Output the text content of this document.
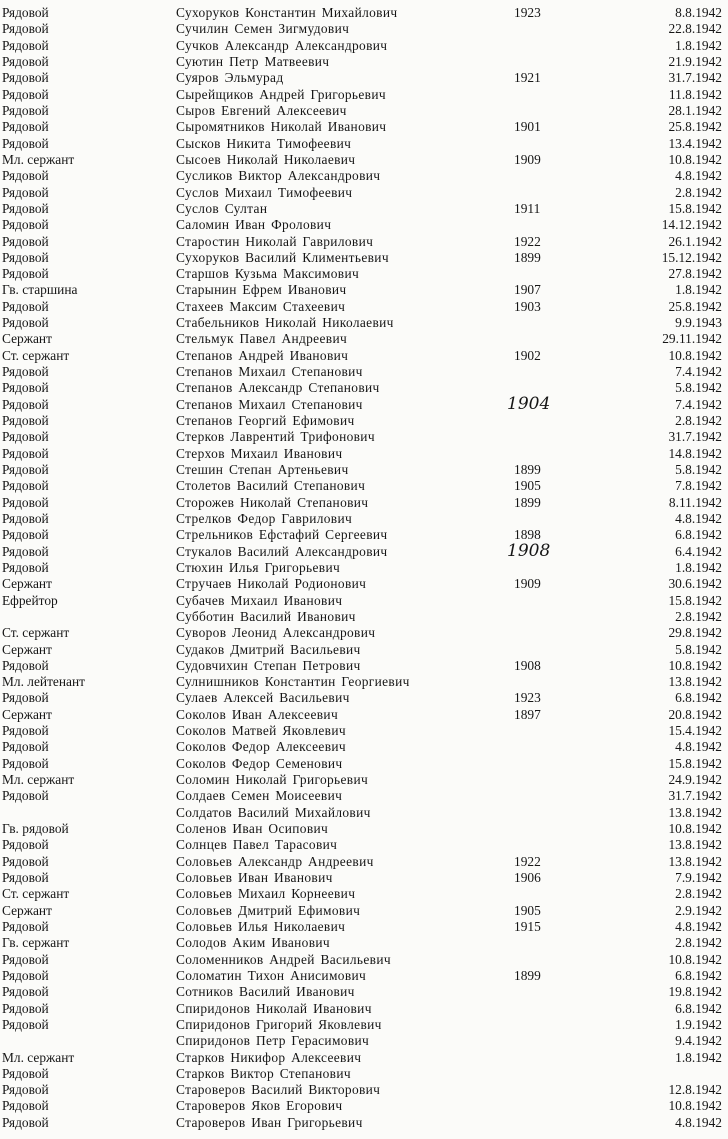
Рядовой	Сухоруков Константин Михайлович	1923	8.8.1942
Рядовой	Сучилин Семен Зигмудович	22.8.1942
Рядовой	Сучков Александр Александрович	1.8.1942
Рядовой	Суютин Петр Матвеевич	21.9.1942
Рядовой	Суяров Эльмурад	1921	31.7.1942
Рядовой	Сырейщиков Андрей Григорьевич	11.8.1942
Рядовой	Сыров Евгений Алексеевич	28.1.1942
Рядовой	Сыромятников Николай Иванович	1901	25.8.1942
Рядовой	Сысков Никита Тимофеевич	13.4.1942
Мл. сержант	Сысоев Николай Николаевич	1909	10.8.1942
Рядовой	Сусликов Виктор Александрович	4.8.1942
Рядовой	Суслов Михаил Тимофеевич	2.8.1942
Рядовой	Суслов Султан	1911	15.8.1942
Рядовой	Саломин Иван Фролович	14.12.1942
Рядовой	Старостин Николай Гаврилович	1922	26.1.1942
Рядовой	Сухоруков Василий Климентьевич	1899	15.12.1942
Рядовой	Старшов Кузьма Максимович	27.8.1942
Гв. старшина	Старынин Ефрем Иванович	1907	1.8.1942
Рядовой	Стахеев Максим Стахеевич	1903	25.8.1942
Рядовой	Стабельников Николай Николаевич	9.9.1943
Сержант	Стельмук Павел Андреевич	29.11.1942
Ст. сержант	Степанов Андрей Иванович	1902	10.8.1942
Рядовой	Степанов Михаил Степанович	7.4.1942
Рядовой	Степанов Александр Степанович	5.8.1942
Рядовой	Степанов Михаил Степанович	1904	7.4.1942
Рядовой	Степанов Георгий Ефимович	2.8.1942
Рядовой	Стерков Лаврентий Трифонович	31.7.1942
Рядовой	Стерхов Михаил Иванович	14.8.1942
Рядовой	Стешин Степан Артеньевич	1899	5.8.1942
Рядовой	Столетов Василий Степанович	1905	7.8.1942
Рядовой	Сторожев Николай Степанович	1899	8.11.1942
Рядовой	Стрелков Федор Гаврилович	4.8.1942
Рядовой	Стрельников Ефстафий Сергеевич	1898	6.8.1942
Рядовой	Стукалов Василий Александрович	1908	6.4.1942
Рядовой	Стюхин Илья Григорьевич	1.8.1942
Сержант	Стручаев Николай Родионович	1909	30.6.1942
Ефрейтор	Субачев Михаил Иванович	15.8.1942
Субботин Василий Иванович	2.8.1942
Ст. сержант	Суворов Леонид Александрович	29.8.1942
Сержант	Судаков Дмитрий Васильевич	5.8.1942
Рядовой	Судовчихин Степан Петрович	1908	10.8.1942
Мл. лейтенант	Сулнишников Константин Георгиевич	13.8.1942
Рядовой	Сулаев Алексей Васильевич	1923	6.8.1942
Сержант	Соколов Иван Алексеевич	1897	20.8.1942
Рядовой	Соколов Матвей Яковлевич	15.4.1942
Рядовой	Соколов Федор Алексеевич	4.8.1942
Рядовой	Соколов Федор Семенович	15.8.1942
Мл. сержант	Соломин Николай Григорьевич	24.9.1942
Рядовой	Солдаев Семен Моисеевич	31.7.1942
Солдатов Василий Михайлович	13.8.1942
Гв. рядовой	Соленов Иван Осипович	10.8.1942
Рядовой	Солнцев Павел Тарасович	13.8.1942
Рядовой	Соловьев Александр Андреевич	1922	13.8.1942
Рядовой	Соловьев Иван Иванович	1906	7.9.1942
Ст. сержант	Соловьев Михаил Корнеевич	2.8.1942
Сержант	Соловьев Дмитрий Ефимович	1905	2.9.1942
Рядовой	Соловьев Илья Николаевич	1915	4.8.1942
Гв. сержант	Солодов Аким Иванович	2.8.1942
Рядовой	Соломенников Андрей Васильевич	10.8.1942
Рядовой	Соломатин Тихон Анисимович	1899	6.8.1942
Рядовой	Сотников Василий Иванович	19.8.1942
Рядовой	Спиридонов Николай Иванович	6.8.1942
Рядовой	Спиридонов Григорий Яковлевич	1.9.1942
Спиридонов Петр Герасимович	9.4.1942
Мл. сержант	Старков Никифор Алексеевич	1.8.1942
Рядовой	Старков Виктор Степанович
Рядовой	Староверов Василий Викторович	12.8.1942
Рядовой	Староверов Яков Егорович	10.8.1942
Рядовой	Староверов Иван Григорьевич	4.8.1942
